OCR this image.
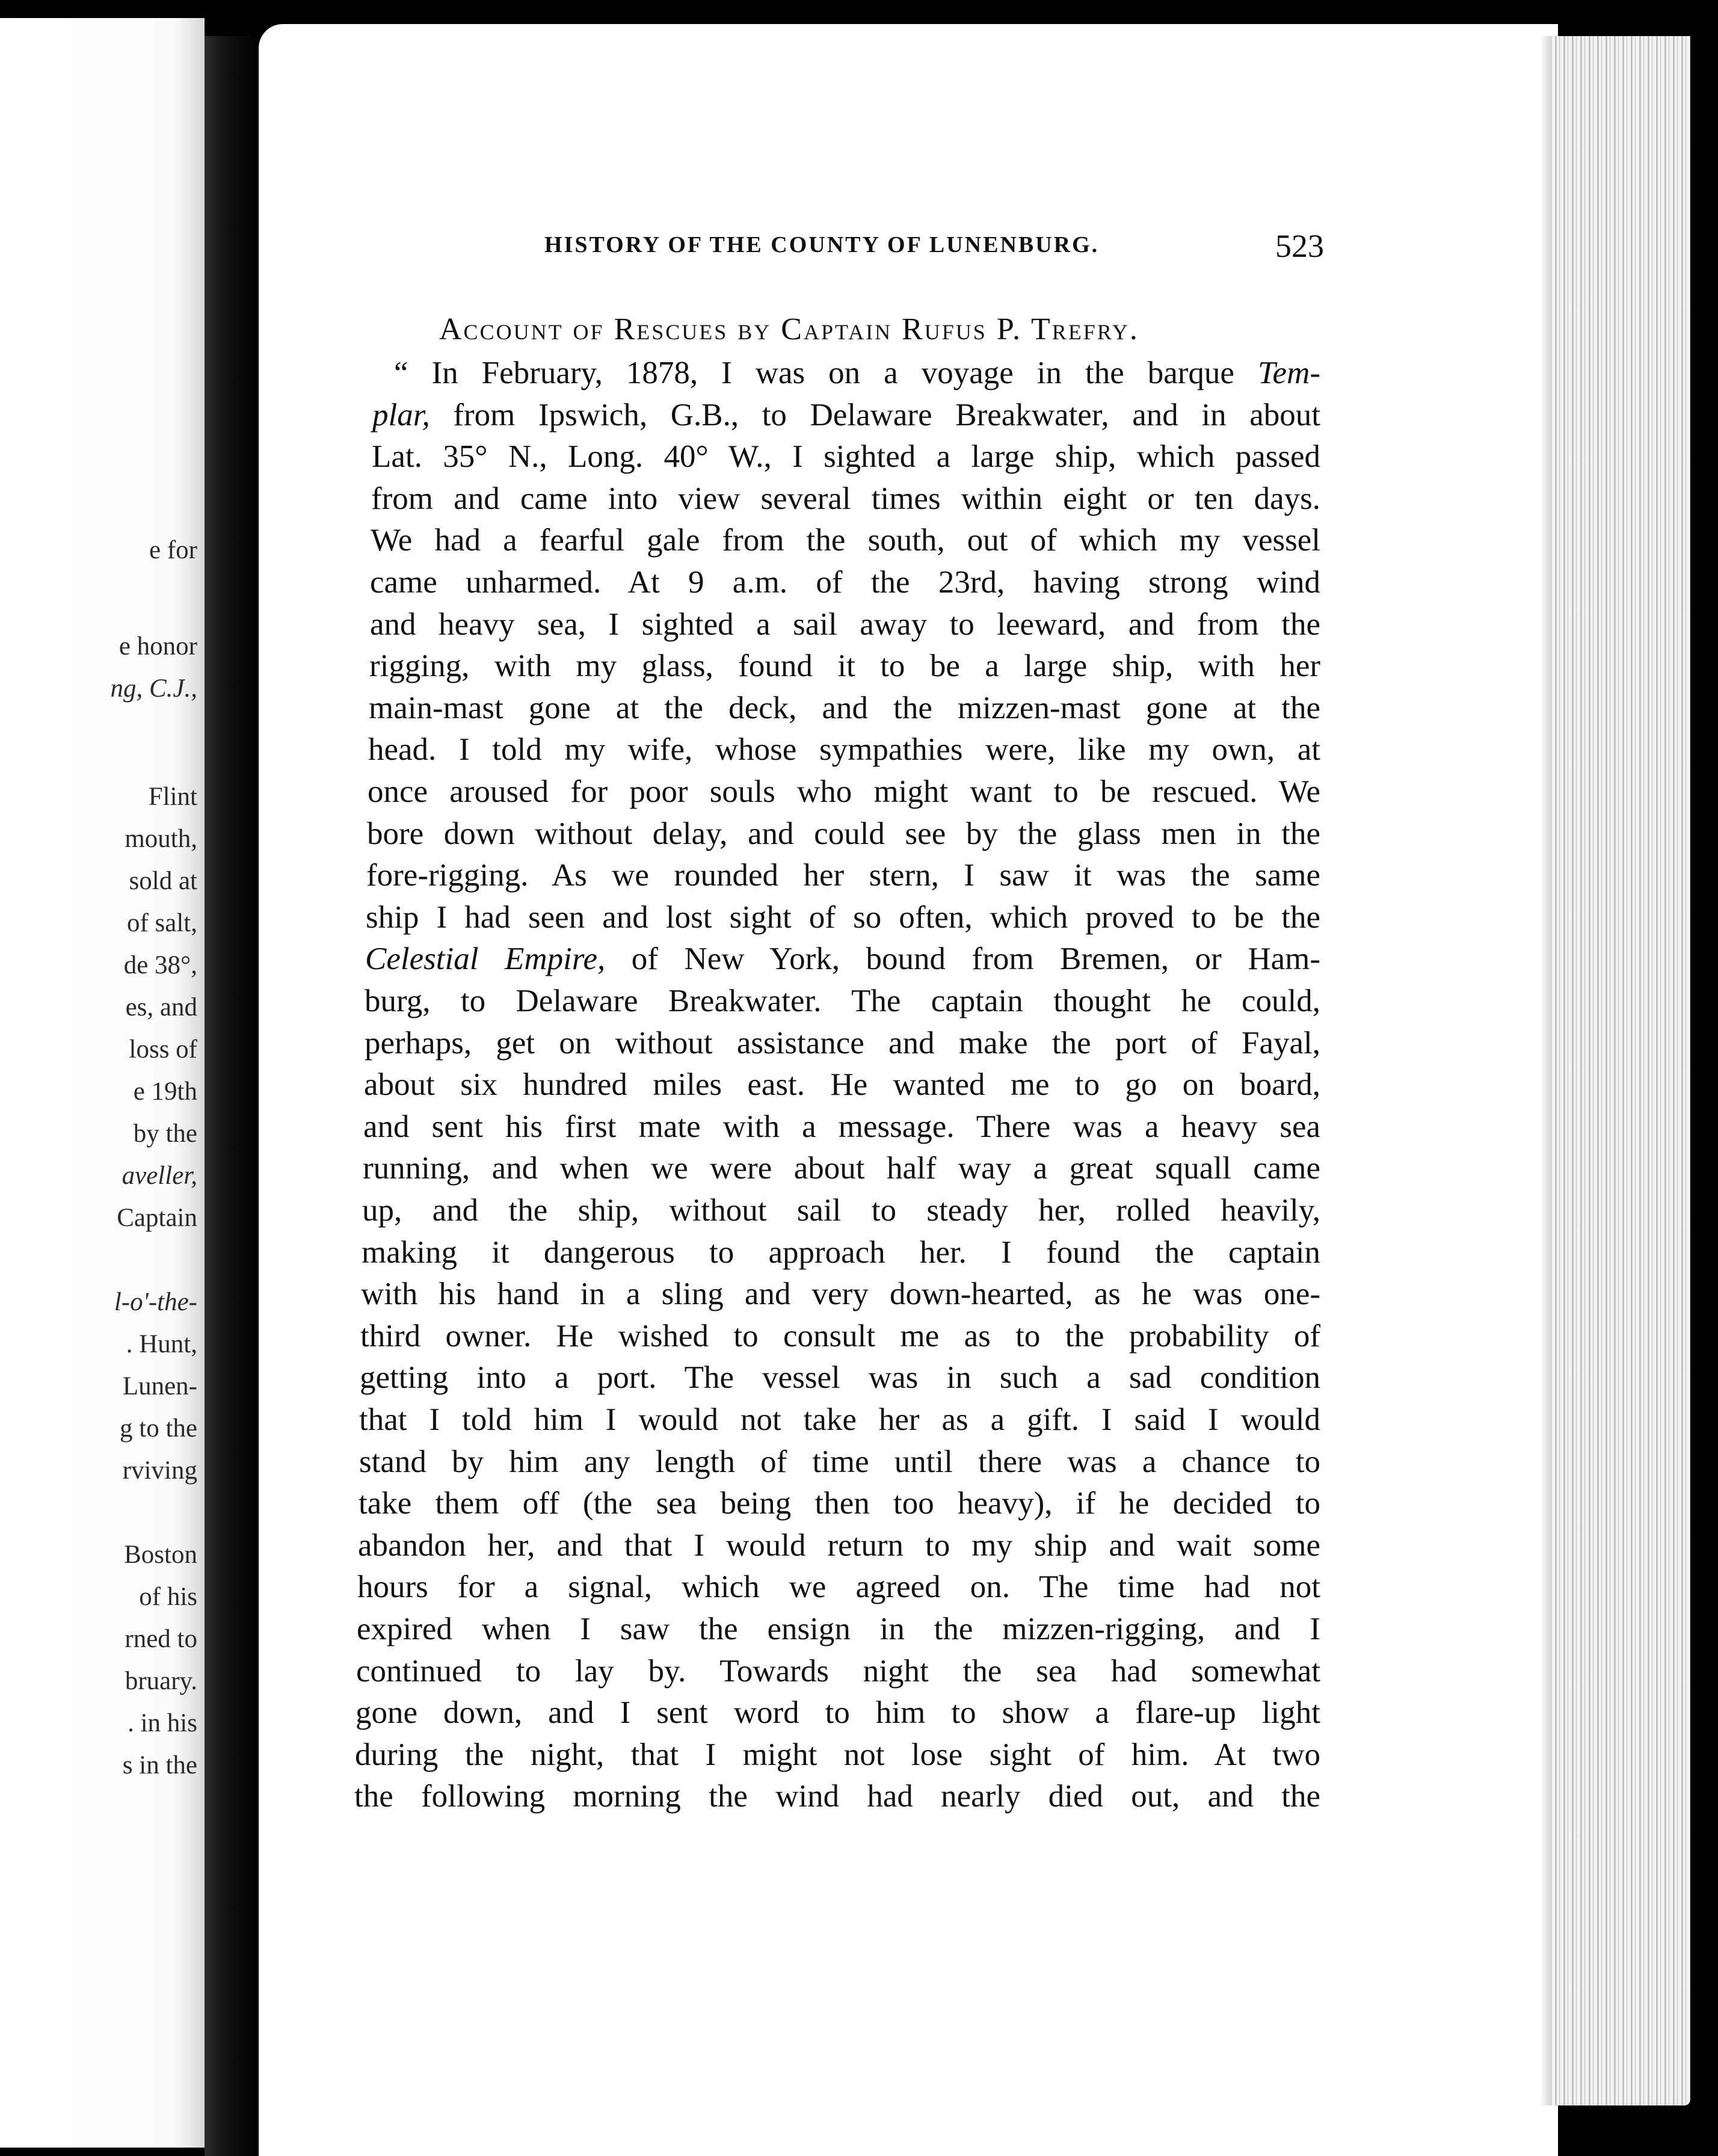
e for
e honor
ng, C.J.,
Flint
mouth,
sold at
of salt,
de 38°,
es, and
loss of
e 19th
by the
aveller,
Captain
l-o'-the-
. Hunt,
Lunen-
g to the
rviving
Boston
of his
rned to
bruary.
. in his
s in the
HISTORY OF THE COUNTY OF LUNENBURG.	523
Account of Rescues by Captain Rufus P. Trefry.
“ In February, 1878, I was on a voyage in the barque Tem-
plar, from Ipswich, G.B., to Delaware Breakwater, and in about
Lat. 35° N., Long. 40° W., I sighted a large ship, which passed
from and came into view several times within eight or ten days.
We had a fearful gale from the south, out of which my vessel
came unharmed. At 9 a.m. of the 23rd, having strong wind
and heavy sea, I sighted a sail away to leeward, and from the
rigging, with my glass, found it to be a large ship, with her
main-mast gone at the deck, and the mizzen-mast gone at the
head. I told my wife, whose sympathies were, like my own, at
once aroused for poor souls who might want to be rescued. We
bore down without delay, and could see by the glass men in the
fore-rigging. As we rounded her stern, I saw it was the same
ship I had seen and lost sight of so often, which proved to be the
Celestial Empire, of New York, bound from Bremen, or Ham-
burg, to Delaware Breakwater. The captain thought he could,
perhaps, get on without assistance and make the port of Fayal,
about six hundred miles east. He wanted me to go on board,
and sent his first mate with a message. There was a heavy sea
running, and when we were about half way a great squall came
up, and the ship, without sail to steady her, rolled heavily,
making it dangerous to approach her. I found the captain
with his hand in a sling and very down-hearted, as he was one-
third owner. He wished to consult me as to the probability of
getting into a port. The vessel was in such a sad condition
that I told him I would not take her as a gift. I said I would
stand by him any length of time until there was a chance to
take them off (the sea being then too heavy), if he decided to
abandon her, and that I would return to my ship and wait some
hours for a signal, which we agreed on. The time had not
expired when I saw the ensign in the mizzen-rigging, and I
continued to lay by. Towards night the sea had somewhat
gone down, and I sent word to him to show a flare-up light
during the night, that I might not lose sight of him. At two
the following morning the wind had nearly died out, and the
